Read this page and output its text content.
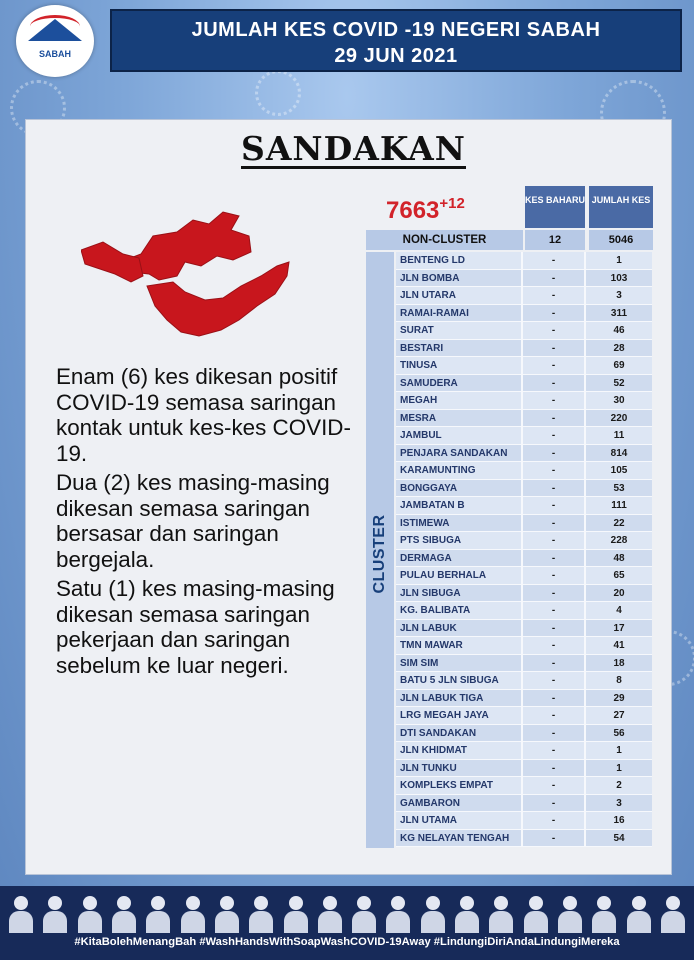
SABAH
JUMLAH KES COVID -19 NEGERI SABAH
29 JUN 2021
SANDAKAN
$7663^{+12}$

Enam (6) kes dikesan positif COVID-19 semasa saringan kontak untuk kes-kes COVID-19.

Dua (2) kes masing-masing dikesan semasa saringan bersasar dan saringan bergejala.

Satu (1) kes masing-masing dikesan semasa saringan pekerjaan dan saringan sebelum ke luar negeri.

KES BAHARU JUMLAH KES
NON-CLUSTER	12	5046
CLUSTER
BENTENG LD	-	1
JLN BOMBA	-	103
JLN UTARA	-	3
RAMAI-RAMAI	-	311
SURAT	-	46
BESTARI	-	28
TINUSA	-	69
SAMUDERA	-	52
MEGAH	-	30
MESRA	-	220
JAMBUL	-	11
PENJARA SANDAKAN	-	814
KARAMUNTING	-	105
BONGGAYA	-	53
JAMBATAN B	-	111
ISTIMEWA	-	22
PTS SIBUGA	-	228
DERMAGA	-	48
PULAU BERHALA	-	65
JLN SIBUGA	-	20
KG. BALIBATA	-	4
JLN LABUK	-	17
TMN MAWAR	-	41
SIM SIM	-	18
BATU 5 JLN SIBUGA	-	8
JLN LABUK TIGA	-	29
LRG MEGAH JAYA	-	27
DTI SANDAKAN	-	56
JLN KHIDMAT	-	1
JLN TUNKU	-	1
KOMPLEKS EMPAT	-	2
GAMBARON	-	3
JLN UTAMA	-	16
KG NELAYAN TENGAH	-	54
#KitaBolehMenangBah #WashHandsWithSoapWashCOVID-19Away #LindungiDiriAndaLindungiMereka
